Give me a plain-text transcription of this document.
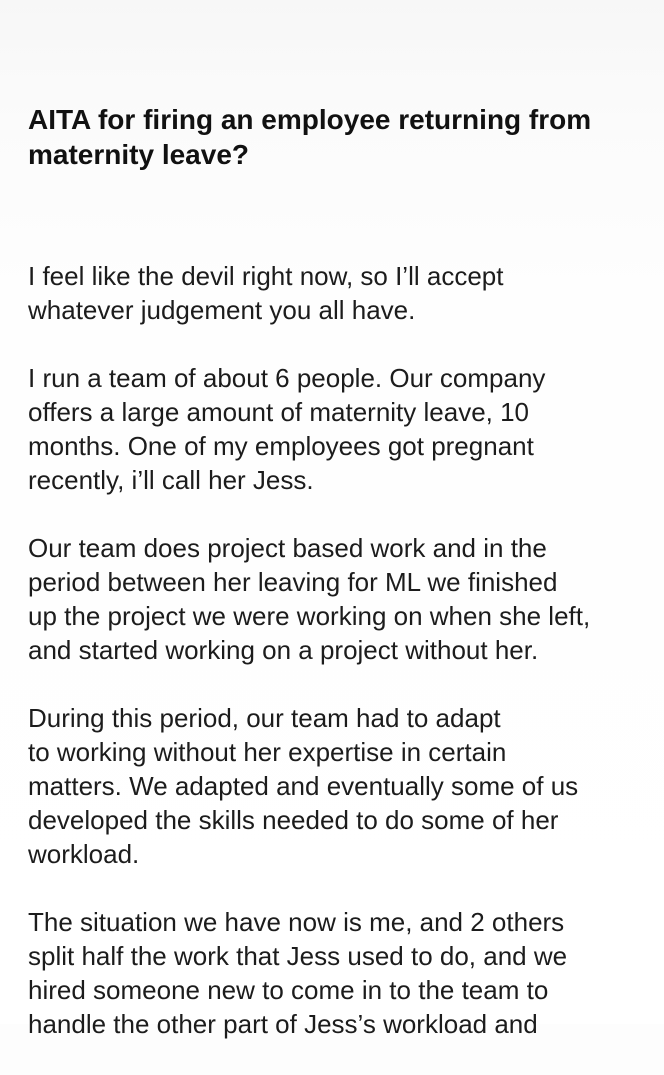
AITA for firing an employee returning from
maternity leave?

I feel like the devil right now, so I’ll accept
whatever judgement you all have.

I run a team of about 6 people. Our company
offers a large amount of maternity leave, 10
months. One of my employees got pregnant
recently, i’ll call her Jess.

Our team does project based work and in the
period between her leaving for ML we finished
up the project we were working on when she left,
and started working on a project without her.

During this period, our team had to adapt
to working without her expertise in certain
matters. We adapted and eventually some of us
developed the skills needed to do some of her
workload.

The situation we have now is me, and 2 others
split half the work that Jess used to do, and we
hired someone new to come in to the team to
handle the other part of Jess’s workload and
